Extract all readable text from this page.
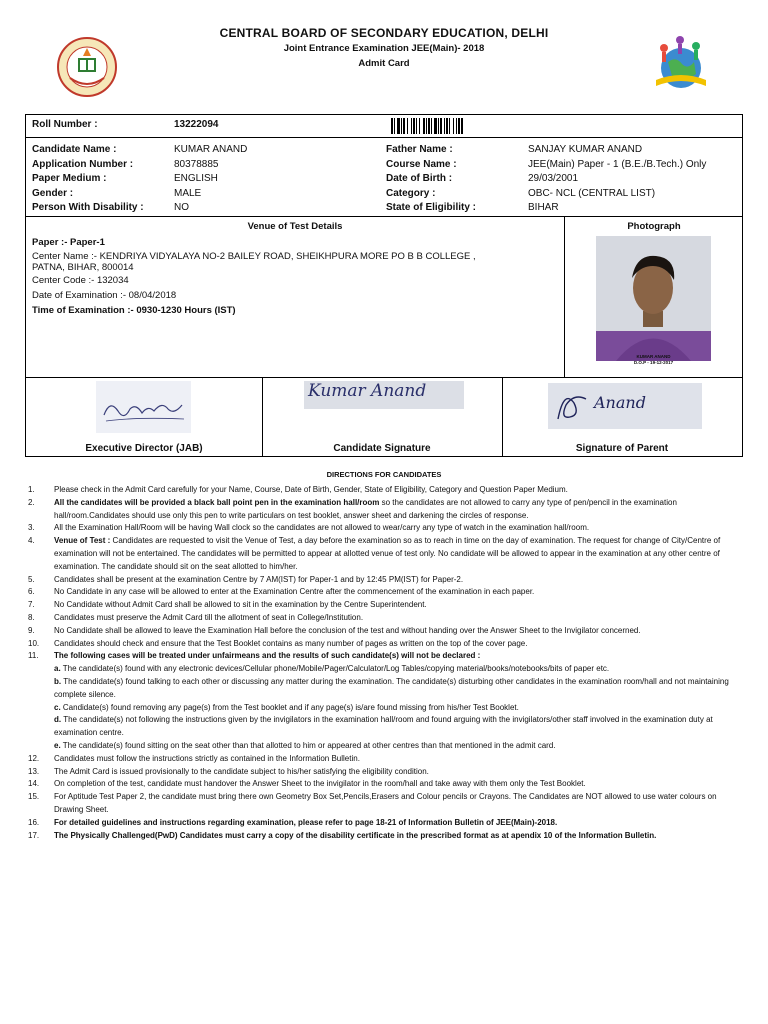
CENTRAL BOARD OF SECONDARY EDUCATION, DELHI
Joint Entrance Examination JEE(Main)- 2018
Admit Card
Roll Number :	13222094
Candidate Name :	KUMAR ANAND
Application Number :	80378885
Paper Medium :	ENGLISH
Gender :	MALE
Person With Disability :	NO
Father Name :	SANJAY KUMAR ANAND
Course Name :	JEE(Main) Paper - 1 (B.E./B.Tech.) Only
Date of Birth :	29/03/2001
Category :	OBC- NCL (CENTRAL LIST)
State of Eligibility :	BIHAR
Venue of Test Details
Paper :- Paper-1
Center Name :- KENDRIYA VIDYALAYA NO-2 BAILEY ROAD, SHEIKHPURA MORE PO B B COLLEGE ,
PATNA, BIHAR, 800014
Center Code :- 132034
Date of Examination :- 08/04/2018
Time of Examination :- 0930-1230 Hours (IST)
Photograph
KUMAR ANAND
D.O.P - 19-12-2017
Executive Director (JAB)
Kumar Anand
Candidate Signature
Anand
Signature of Parent
DIRECTIONS FOR CANDIDATES
1.	Please check in the Admit Card carefully for your Name, Course, Date of Birth, Gender, State of Eligibility, Category and Question Paper Medium.
2.	All the candidates will be provided a black ball point pen in the examination hall/room so the candidates are not allowed to carry any type of pen/pencil in the examination hall/room.Candidates should use only this pen to write particulars on test booklet, answer sheet and darkening the circles of response.
3.	All the Examination Hall/Room will be having Wall clock so the candidates are not allowed to wear/carry any type of watch in the examination hall/room.
4.	Venue of Test : Candidates are requested to visit the Venue of Test, a day before the examination so as to reach in time on the day of examination. The request for change of City/Centre of examination will not be entertained. The candidates will be permitted to appear at allotted venue of test only. No candidate will be allowed to appear in the examination at any other centre of examination. The candidate should sit on the seat allotted to him/her.
5.	Candidates shall be present at the examination Centre by 7 AM(IST) for Paper-1 and by 12:45 PM(IST) for Paper-2.
6.	No Candidate in any case will be allowed to enter at the Examination Centre after the commencement of the examination in each paper.
7.	No Candidate without Admit Card shall be allowed to sit in the examination by the Centre Superintendent.
8.	Candidates must preserve the Admit Card till the allotment of seat in College/Institution.
9.	No Candidate shall be allowed to leave the Examination Hall before the conclusion of the test and without handing over the Answer Sheet to the Invigilator concerned.
10.	Candidates should check and ensure that the Test Booklet contains as many number of pages as written on the top of the cover page.
11.	The following cases will be treated under unfairmeans and the results of such candidate(s) will not be declared :
a. The candidate(s) found with any electronic devices/Cellular phone/Mobile/Pager/Calculator/Log Tables/copying material/books/notebooks/bits of paper etc.
b. The candidate(s) found talking to each other or discussing any matter during the examination. The candidate(s) disturbing other candidates in the examination room/hall and not maintaining complete silence.
c. Candidate(s) found removing any page(s) from the Test booklet and if any page(s) is/are found missing from his/her Test Booklet.
d. The candidate(s) not following the instructions given by the invigilators in the examination hall/room and found arguing with the invigilators/other staff involved in the examination duty at examination centre.
e. The candidate(s) found sitting on the seat other than that allotted to him or appeared at other centres than that mentioned in the admit card.
12.	Candidates must follow the instructions strictly as contained in the Information Bulletin.
13.	The Admit Card is issued provisionally to the candidate subject to his/her satisfying the eligibility condition.
14.	On completion of the test, candidate must handover the Answer Sheet to the invigilator in the room/hall and take away with them only the Test Booklet.
15.	For Aptitude Test Paper 2, the candidate must bring there own Geometry Box Set,Pencils,Erasers and Colour pencils or Crayons. The Candidates are NOT allowed to use water colours on Drawing Sheet.
16.	For detailed guidelines and instructions regarding examination, please refer to page 18-21 of Information Bulletin of JEE(Main)-2018.
17.	The Physically Challenged(PwD) Candidates must carry a copy of the disability certificate in the prescribed format as at apendix 10 of the Information Bulletin.
